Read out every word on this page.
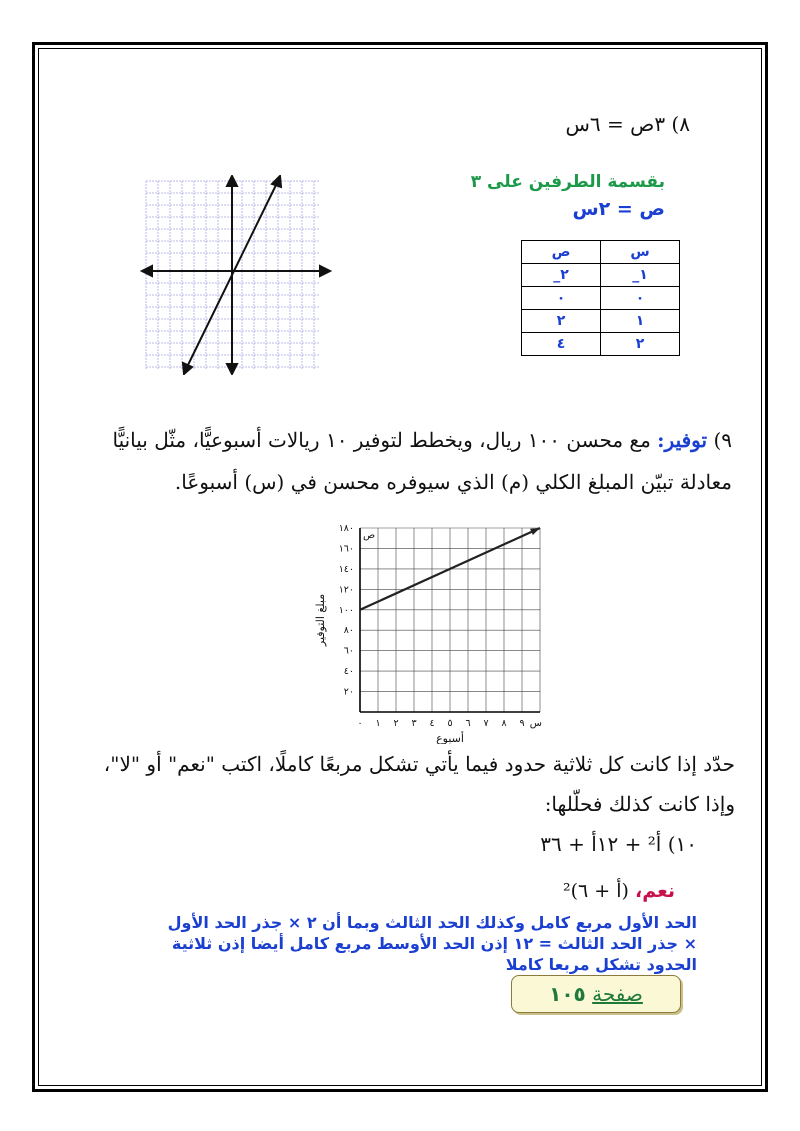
٨) ٣ص = ٦س
بقسمة الطرفين على ٣
ص = ٢س
س	ص
١_	٢_
٠	٠
١	٢
٢	٤
٩) توفير: مع محسن ١٠٠ ريال، ويخطط لتوفير ١٠ ريالات أسبوعيًّا، مثّل بيانيًّا
معادلة تبيّن المبلغ الكلي (م) الذي سيوفره محسن في (س) أسبوعًا.
س
ص
٠ ١ ٢ ٣ ٤ ٥ ٦ ٧ ٨ ٩
٢٠
٤٠
٦٠
٨٠
١٠٠
١٢٠
١٤٠
١٦٠
١٨٠
مبلغ التوفير
أسبوع
حدّد إذا كانت كل ثلاثية حدود فيما يأتي تشكل مربعًا كاملًا، اكتب "نعم" أو "لا"،
وإذا كانت كذلك فحلّلها:
١٠) أ² + ١٢أ + ٣٦
نعم، (أ + ٦)²
الحد الأول مربع كامل وكذلك الحد الثالث وبما أن ٢ × جذر الحد الأول × جذر الحد الثالث = ١٢ إذن الحد الأوسط مربع كامل أيضا إذن ثلاثية الحدود تشكل مربعا كاملا
صفحة ١٠٥
